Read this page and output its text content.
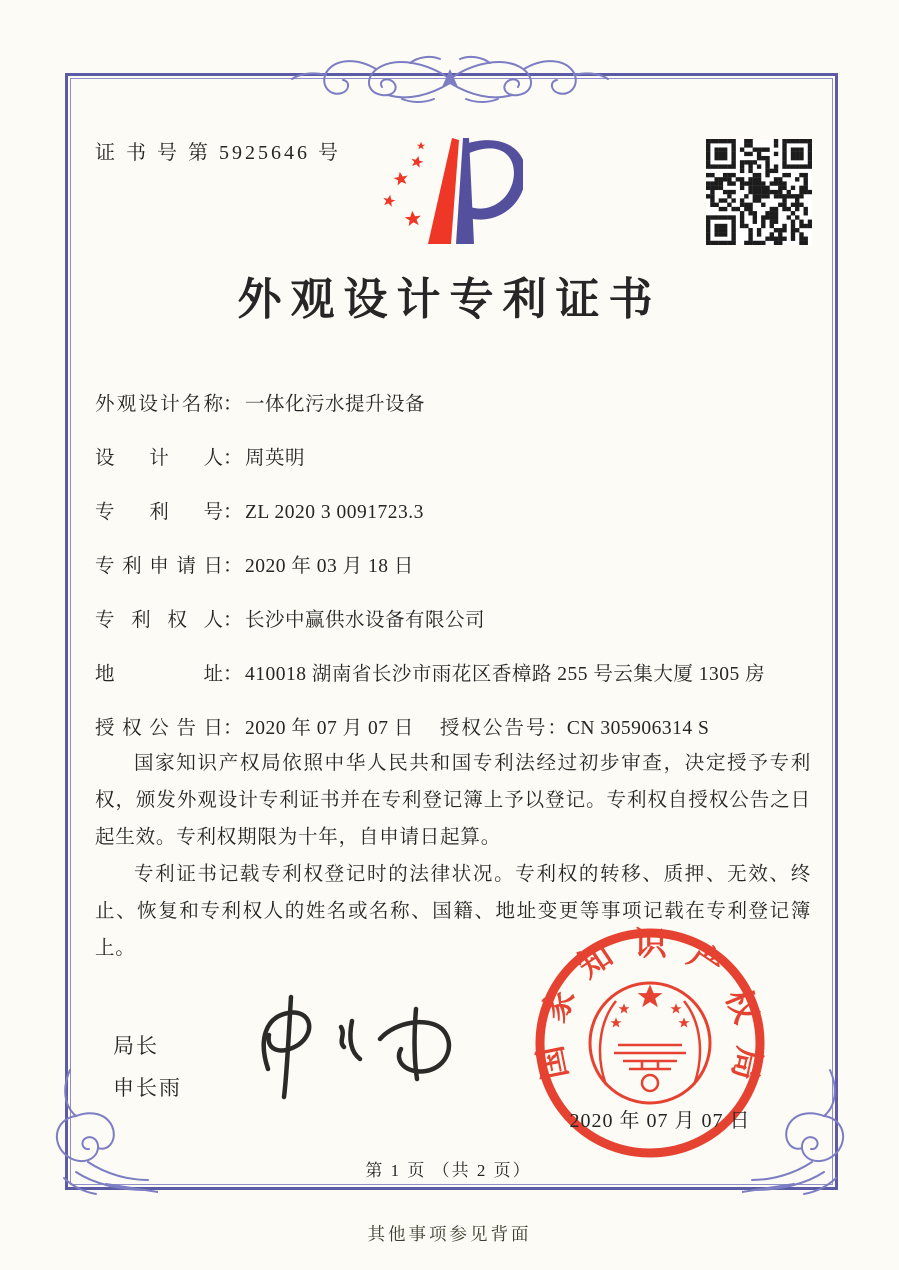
证 书 号 第 5925646 号
外观设计专利证书
外观设计名称 ： 一体化污水提升设备
设计人 ： 周英明
专利号 ： ZL 2020 3 0091723.3
专利申请日 ： 2020 年 03 月 18 日
专利权人 ： 长沙中赢供水设备有限公司
地址 ： 410018 湖南省长沙市雨花区香樟路 255 号云集大厦 1305 房
授权公告日 ： 2020 年 07 月 07 日 授权公告号：CN 305906314 S

国家知识产权局依照中华人民共和国专利法经过初步审查，决定授予专利权，颁发外观设计专利证书并在专利登记簿上予以登记。专利权自授权公告之日起生效。专利权期限为十年，自申请日起算。

专利证书记载专利权登记时的法律状况。专利权的转移、质押、无效、终止、恢复和专利权人的姓名或名称、国籍、地址变更等事项记载在专利登记簿上。

局长
申长雨
国家知识产权局
2020 年 07 月 07 日
第 1 页 （共 2 页）
其他事项参见背面
